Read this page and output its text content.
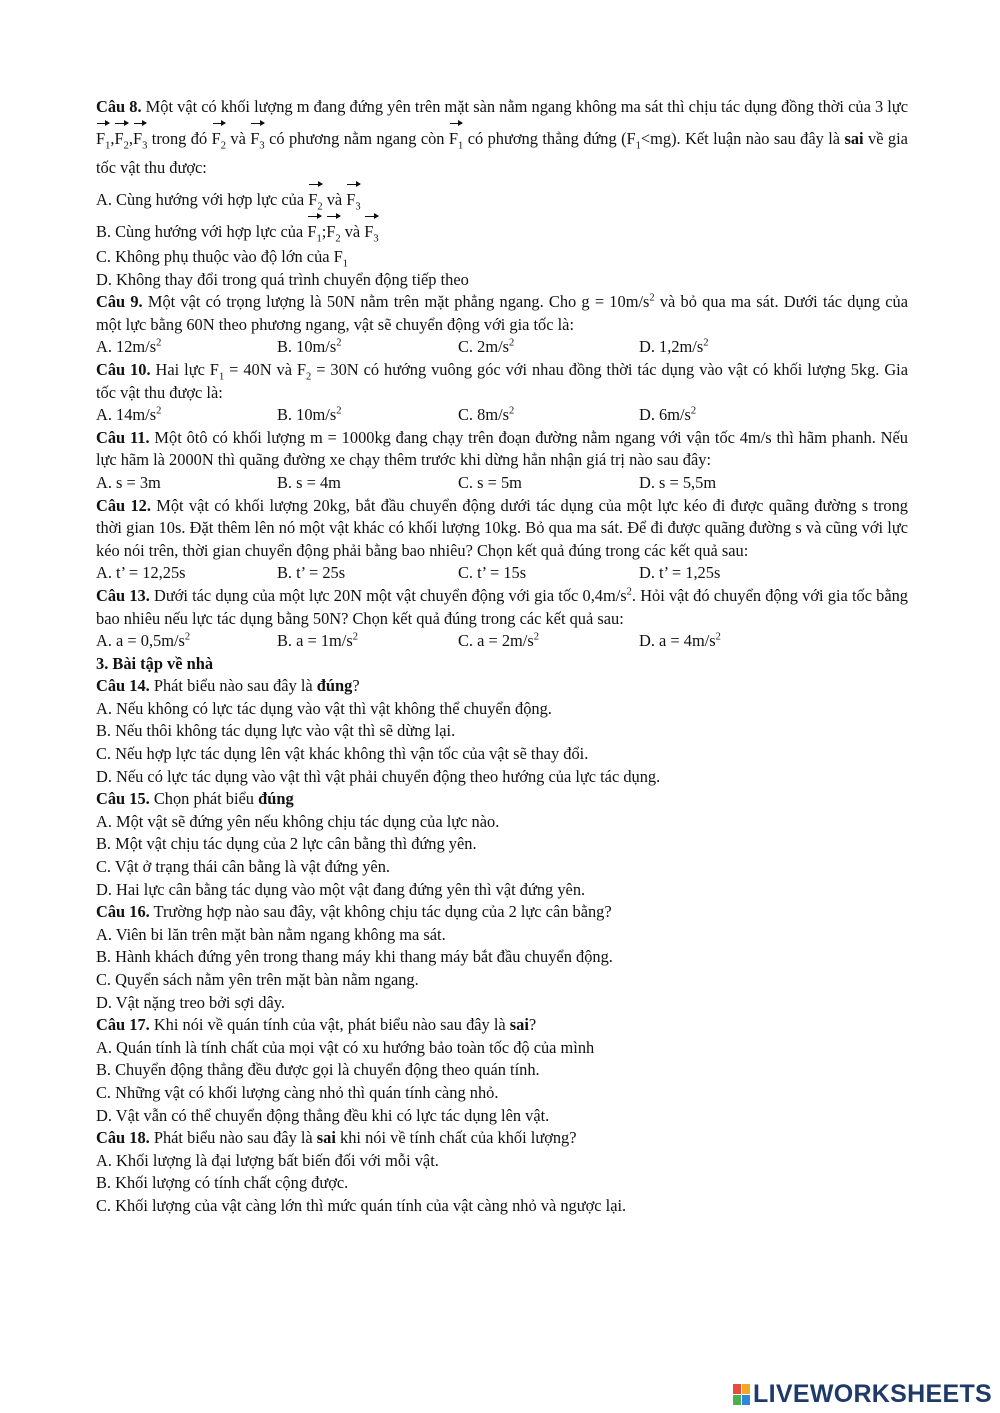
Câu 8. Một vật có khối lượng m đang đứng yên trên mặt sàn nằm ngang không ma sát thì chịu tác dụng đồng thời của 3 lực $F_1,F_2,F_3$ trong đó $F_2$ và $F_3$ có phương nằm ngang còn $F_1$ có phương thẳng đứng $(F_1<mg)$. Kết luận nào sau đây là sai về gia tốc vật thu được:
A. Cùng hướng với hợp lực của $F_2$ và $F_3$
B. Cùng hướng với hợp lực của $F_1;F_2$ và $F_3$
C. Không phụ thuộc vào độ lớn của $F_1$
D. Không thay đổi trong quá trình chuyển động tiếp theo
Câu 9. Một vật có trọng lượng là 50N nằm trên mặt phẳng ngang. Cho $g = 10m/s^2$ và bỏ qua ma sát. Dưới tác dụng của một lực bằng 60N theo phương ngang, vật sẽ chuyển động với gia tốc là:
A. $12m/s^2$	B. $10m/s^2$	C. $2m/s^2$	D. $1,2m/s^2$
Câu 10. Hai lực $F_1 = 40N$ và $F_2 = 30N$ có hướng vuông góc với nhau đồng thời tác dụng vào vật có khối lượng 5kg. Gia tốc vật thu được là:
A. $14m/s^2$	B. $10m/s^2$	C. $8m/s^2$	D. $6m/s^2$
Câu 11. Một ôtô có khối lượng m = 1000kg đang chạy trên đoạn đường nằm ngang với vận tốc 4m/s thì hãm phanh. Nếu lực hãm là 2000N thì quãng đường xe chạy thêm trước khi dừng hẳn nhận giá trị nào sau đây:
A. s = 3m	B. s = 4m	C. s = 5m	D. s = 5,5m
Câu 12. Một vật có khối lượng 20kg, bắt đầu chuyển động dưới tác dụng của một lực kéo đi được quãng đường s trong thời gian 10s. Đặt thêm lên nó một vật khác có khối lượng 10kg. Bỏ qua ma sát. Để đi được quãng đường s và cũng với lực kéo nói trên, thời gian chuyển động phải bằng bao nhiêu? Chọn kết quả đúng trong các kết quả sau:
A. t’ = 12,25s	B. t’ = 25s	C. t’ = 15s	D. t’ = 1,25s
Câu 13. Dưới tác dụng của một lực 20N một vật chuyển động với gia tốc $0,4m/s^2$. Hỏi vật đó chuyển động với gia tốc bằng bao nhiêu nếu lực tác dụng bằng 50N? Chọn kết quả đúng trong các kết quả sau:
A. $a = 0,5m/s^2$	B. $a = 1m/s^2$	C. $a = 2m/s^2$	D. $a = 4m/s^2$
3. Bài tập về nhà
Câu 14. Phát biểu nào sau đây là đúng?
A. Nếu không có lực tác dụng vào vật thì vật không thể chuyển động.
B. Nếu thôi không tác dụng lực vào vật thì sẽ dừng lại.
C. Nếu hợp lực tác dụng lên vật khác không thì vận tốc của vật sẽ thay đổi.
D. Nếu có lực tác dụng vào vật thì vật phải chuyển động theo hướng của lực tác dụng.
Câu 15. Chọn phát biểu đúng
A. Một vật sẽ đứng yên nếu không chịu tác dụng của lực nào.
B. Một vật chịu tác dụng của 2 lực cân bằng thì đứng yên.
C. Vật ở trạng thái cân bằng là vật đứng yên.
D. Hai lực cân bằng tác dụng vào một vật đang đứng yên thì vật đứng yên.
Câu 16. Trường hợp nào sau đây, vật không chịu tác dụng của 2 lực cân bằng?
A. Viên bi lăn trên mặt bàn nằm ngang không ma sát.
B. Hành khách đứng yên trong thang máy khi thang máy bắt đầu chuyển động.
C. Quyển sách nằm yên trên mặt bàn nằm ngang.
D. Vật nặng treo bởi sợi dây.
Câu 17. Khi nói về quán tính của vật, phát biểu nào sau đây là sai?
A. Quán tính là tính chất của mọi vật có xu hướng bảo toàn tốc độ của mình
B. Chuyển động thẳng đều được gọi là chuyển động theo quán tính.
C. Những vật có khối lượng càng nhỏ thì quán tính càng nhỏ.
D. Vật vẫn có thể chuyển động thẳng đều khi có lực tác dụng lên vật.
Câu 18. Phát biểu nào sau đây là sai khi nói về tính chất của khối lượng?
A. Khối lượng là đại lượng bất biến đối với mỗi vật.
B. Khối lượng có tính chất cộng được.
C. Khối lượng của vật càng lớn thì mức quán tính của vật càng nhỏ và ngược lại.
LIVEWORKSHEETS
